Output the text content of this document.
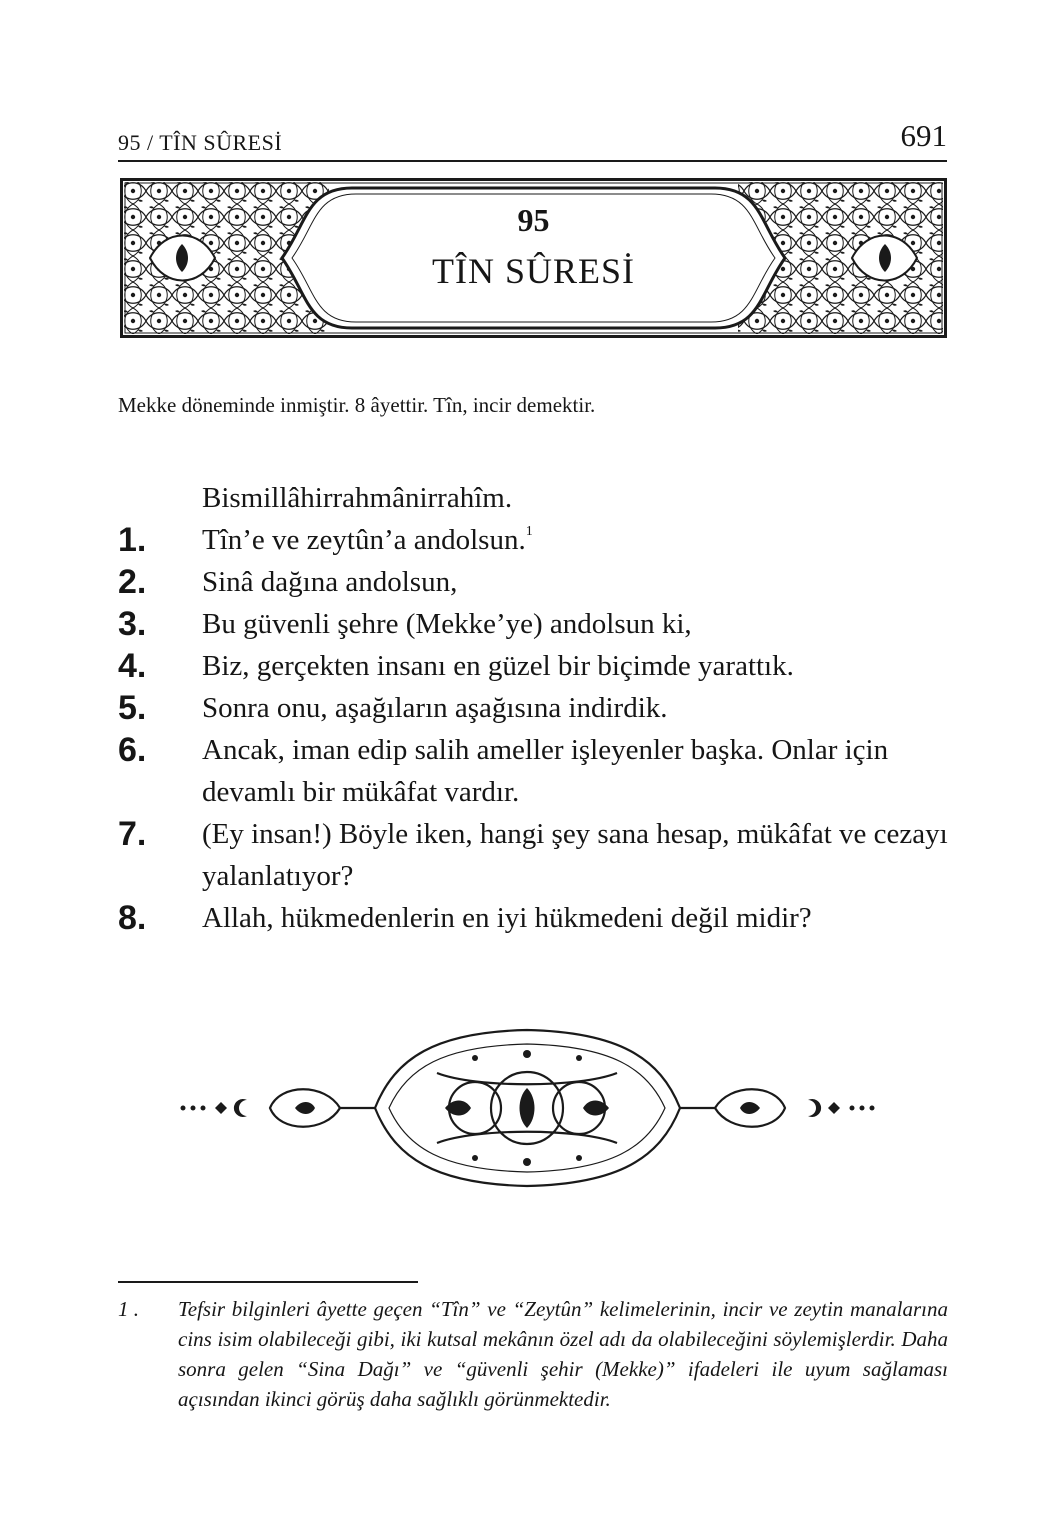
95 / TÎN SÛRESİ	691
95
TÎN SÛRESİ
Mekke döneminde inmiştir. 8 âyettir. Tîn, incir demektir.
Bismillâhirrahmânirrahîm.
1. Tîn’e ve zeytûn’a andolsun.$^1$
2. Sinâ dağına andolsun,
3. Bu güvenli şehre (Mekke’ye) andolsun ki,
4. Biz, gerçekten insanı en güzel bir biçimde yarattık.
5. Sonra onu, aşağıların aşağısına indirdik.
6. Ancak, iman edip salih ameller işleyenler başka. Onlar için devamlı bir mükâfat vardır.
7. (Ey insan!) Böyle iken, hangi şey sana hesap, mükâfat ve cezayı yalanlatıyor?
8. Allah, hükmedenlerin en iyi hükmedeni değil midir?
1 .	Tefsir bilginleri âyette geçen “Tîn” ve “Zeytûn” kelimelerinin, incir ve zeytin manalarına cins isim olabileceği gibi, iki kutsal mekânın özel adı da olabileceğini söylemişlerdir. Daha sonra gelen “Sina Dağı” ve “güvenli şehir (Mekke)” ifadeleri ile uyum sağlaması açısından ikinci görüş daha sağlıklı görünmektedir.
